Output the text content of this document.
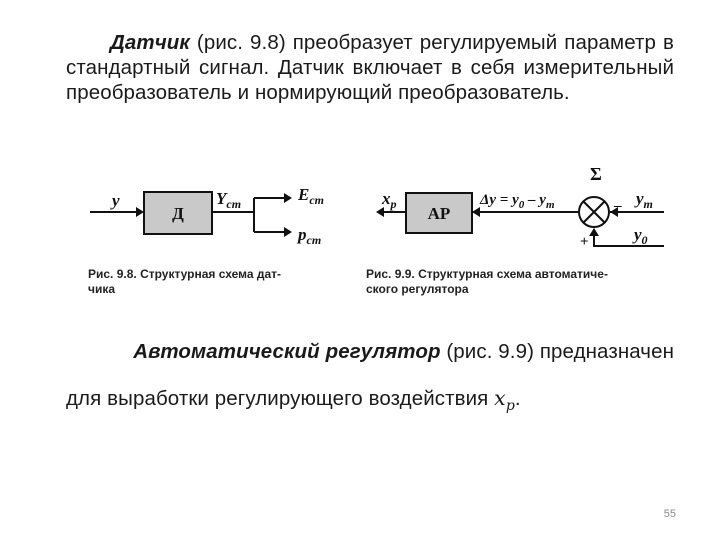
Датчик (рис. 9.8) преобразует регулируемый параметр в стандартный сигнал. Датчик включает в себя измерительный преобразователь и нормирующий преобразователь.

y
Д
$Y_{ст}$	$E_{ст}$
$p_{ст}$
$x_р$ АР
$\Delta y = y_0 - y_т$
Σ
– $y_т$
+	$y_0$
Рис. 9.8. Структурная схема дат-
чика
Рис. 9.9. Структурная схема автоматиче-
ского регулятора

Автоматический регулятор (рис. 9.9) предназначен

для выработки регулирующего воздействия $x_p$.

55
